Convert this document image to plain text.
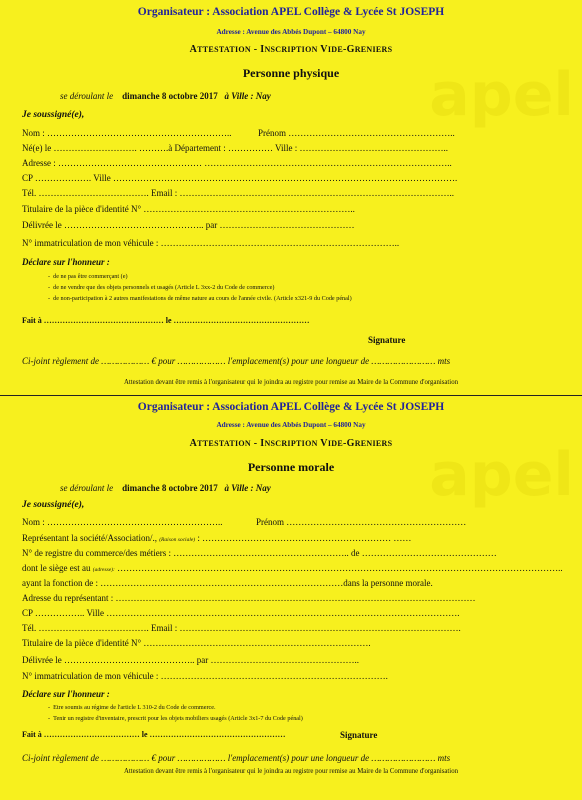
apel
apel
Organisateur : Association APEL Collège & Lycée St JOSEPH
Adresse : Avenue des Abbés Dupont – 64800 Nay
ATTESTATION - INSCRIPTION VIDE-GRENIERS
Personne physique
se déroulant le dimanche 8 octobre 2017 à Ville : Nay
Je soussigné(e),
Nom : ……………………………………………………..	Prénom ………………………………………………..
Né(e) le ………………………. ……….à Département : …………… Ville : …………………………………………..
Adresse : ………………………………………… ………………………………………………………………………..
CP ………………. Ville …………………………………………………………………………………………………….
Tél. ………………………………. Email : ………………………………………………………………………………..
Titulaire de la pièce d'identité N° ……………………………………………………………..
Délivrée le ……………………………………….. par ………………………………………
N° immatriculation de mon véhicule : ……………………………………………………………………..
Déclare sur l'honneur :
-  de ne pas être commerçant (e)
-  de ne vendre que des objets personnels et usagés (Article L 3xx-2 du Code de commerce)
-  de non-participation à 2 autres manifestations de même nature au cours de l'année civile. (Article x321-9 du Code pénal)
Fait à ……………………………………… le ……………………………………………
Signature
Ci-joint règlement de ……………… € pour ……………… l'emplacement(s) pour une longueur de …………………… mts
Attestation devant être remis à l'organisateur qui le joindra au registre pour remise au Maire de la Commune d'organisation
Organisateur : Association APEL Collège & Lycée St JOSEPH
Adresse : Avenue des Abbés Dupont – 64800 Nay
ATTESTATION - INSCRIPTION VIDE-GRENIERS
Personne morale
se déroulant le dimanche 8 octobre 2017 à Ville : Nay
Je soussigné(e),
Nom : …………………………………………………..	Prénom ……………………………………………………
Représentant la société/Association/., (Raison sociale) : ……………………………………………………… ……
N° de registre du commerce/des métiers : ………………………………………………….. de ………………………………………
dont le siège est au (adresse): …………………………………………………………………………………………………………………………………..
ayant la fonction de : ………………………………………………………………………dans la personne morale.
Adresse du représentant : …………………………………………………………………………………………………………
CP …………….. Ville ……………………………………………………………………………………………………….
Tél. ………………………………. Email : ………………………………………………………………………………….
Titulaire de la pièce d'identité N° ………………………………………………………………….
Délivrée le …………………………………….. par …………………………………………..
N° immatriculation de mon véhicule : ………………………………………………………………….
Déclare sur l'honneur :
-  Etre soumis au régime de l'article L 310-2 du Code de commerce.
-  Tenir un registre d'inventaire, prescrit pour les objets mobiliers usagés (Article 3x1-7 du Code pénal)
Fait à ……………………………… le ……………………………………………	Signature
Ci-joint règlement de ……………… € pour ……………… l'emplacement(s) pour une longueur de …………………… mts
Attestation devant être remis à l'organisateur qui le joindra au registre pour remise au Maire de la Commune d'organisation
